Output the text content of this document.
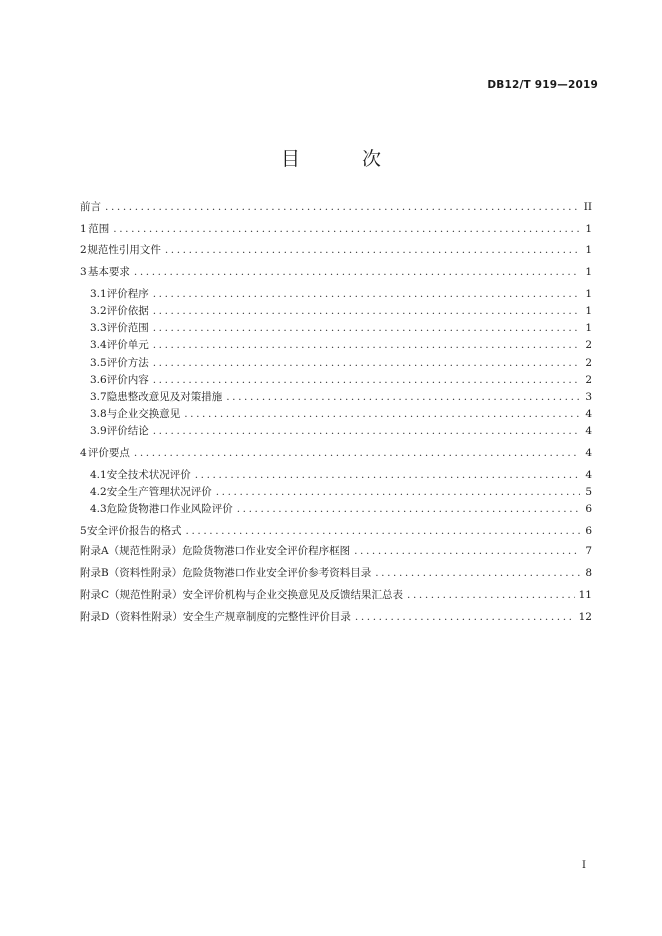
DB12/T 919—2019
目 次
前言 .....	II
1 范围 .....	1
2 规范性引用文件 .....	1
3 基本要求 .....	1
3.1 评价程序 .....	1
3.2 评价依据 .....	1
3.3 评价范围 .....	1
3.4 评价单元 .....	2
3.5 评价方法 .....	2
3.6 评价内容 .....	2
3.7 隐患整改意见及对策措施 .....	3
3.8 与企业交换意见 .....	4
3.9 评价结论 .....	4
4 评价要点 .....	4
4.1 安全技术状况评价 .....	4
4.2 安全生产管理状况评价 .....	5
4.3 危险货物港口作业风险评价 .....	6
5 安全评价报告的格式 .....	6
附录A（规范性附录） 危险货物港口作业安全评价程序框图 .....	7
附录B（资料性附录） 危险货物港口作业安全评价参考资料目录 .....	8
附录C（规范性附录） 安全评价机构与企业交换意见及反馈结果汇总表 .....	11
附录D（资料性附录） 安全生产规章制度的完整性评价目录 .....	12
I
